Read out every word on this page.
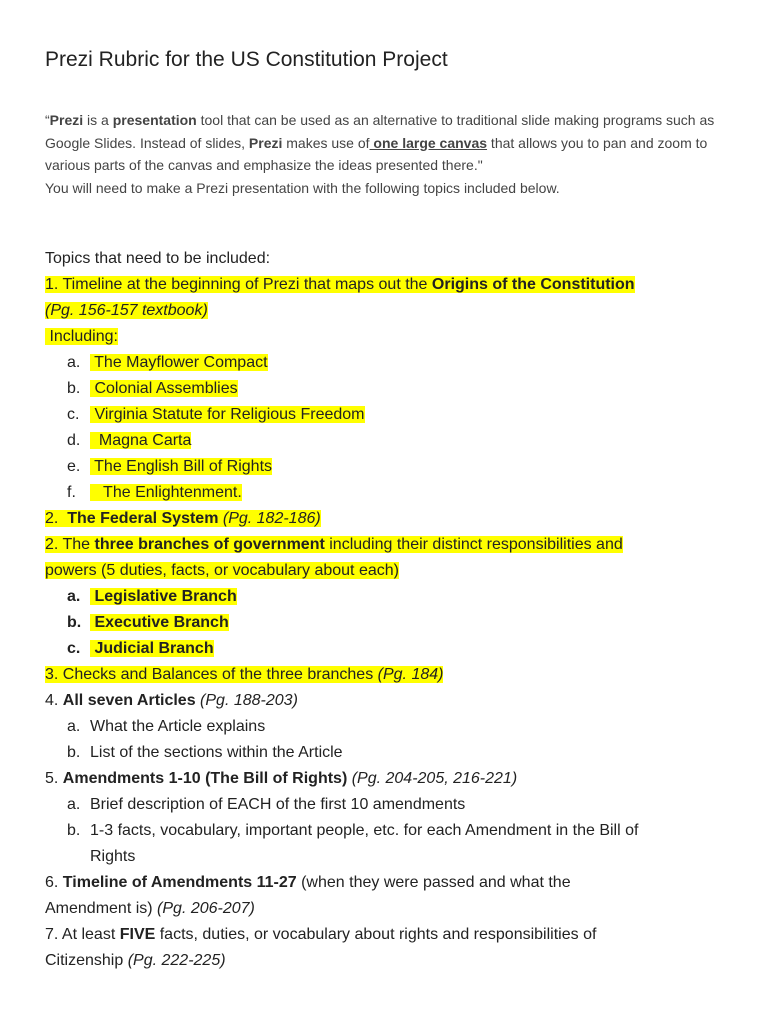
Prezi Rubric for the US Constitution Project

“Prezi is a presentation tool that can be used as an alternative to traditional slide making programs such as Google Slides. Instead of slides, Prezi makes use of one large canvas that allows you to pan and zoom to various parts of the canvas and emphasize the ideas presented there."

You will need to make a Prezi presentation with the following topics included below.

Topics that need to be included:
1. Timeline at the beginning of Prezi that maps out the Origins of the Constitution
(Pg. 156-157 textbook)
Including:
a. The Mayflower Compact
b. Colonial Assemblies
c. Virginia Statute for Religious Freedom
d.  Magna Carta
e. The English Bill of Rights
f.   The Enlightenment.
2.  The Federal System (Pg. 182-186)
2. The three branches of government including their distinct responsibilities and
powers (5 duties, facts, or vocabulary about each)
a. Legislative Branch
b. Executive Branch
c. Judicial Branch
3. Checks and Balances of the three branches (Pg. 184)
4. All seven Articles (Pg. 188-203)
a. What the Article explains
b. List of the sections within the Article
5. Amendments 1-10 (The Bill of Rights) (Pg. 204-205, 216-221)
a. Brief description of EACH of the first 10 amendments
b. 1-3 facts, vocabulary, important people, etc. for each Amendment in the Bill of
Rights
6. Timeline of Amendments 11-27 (when they were passed and what the
Amendment is) (Pg. 206-207)
7. At least FIVE facts, duties, or vocabulary about rights and responsibilities of
Citizenship (Pg. 222-225)
